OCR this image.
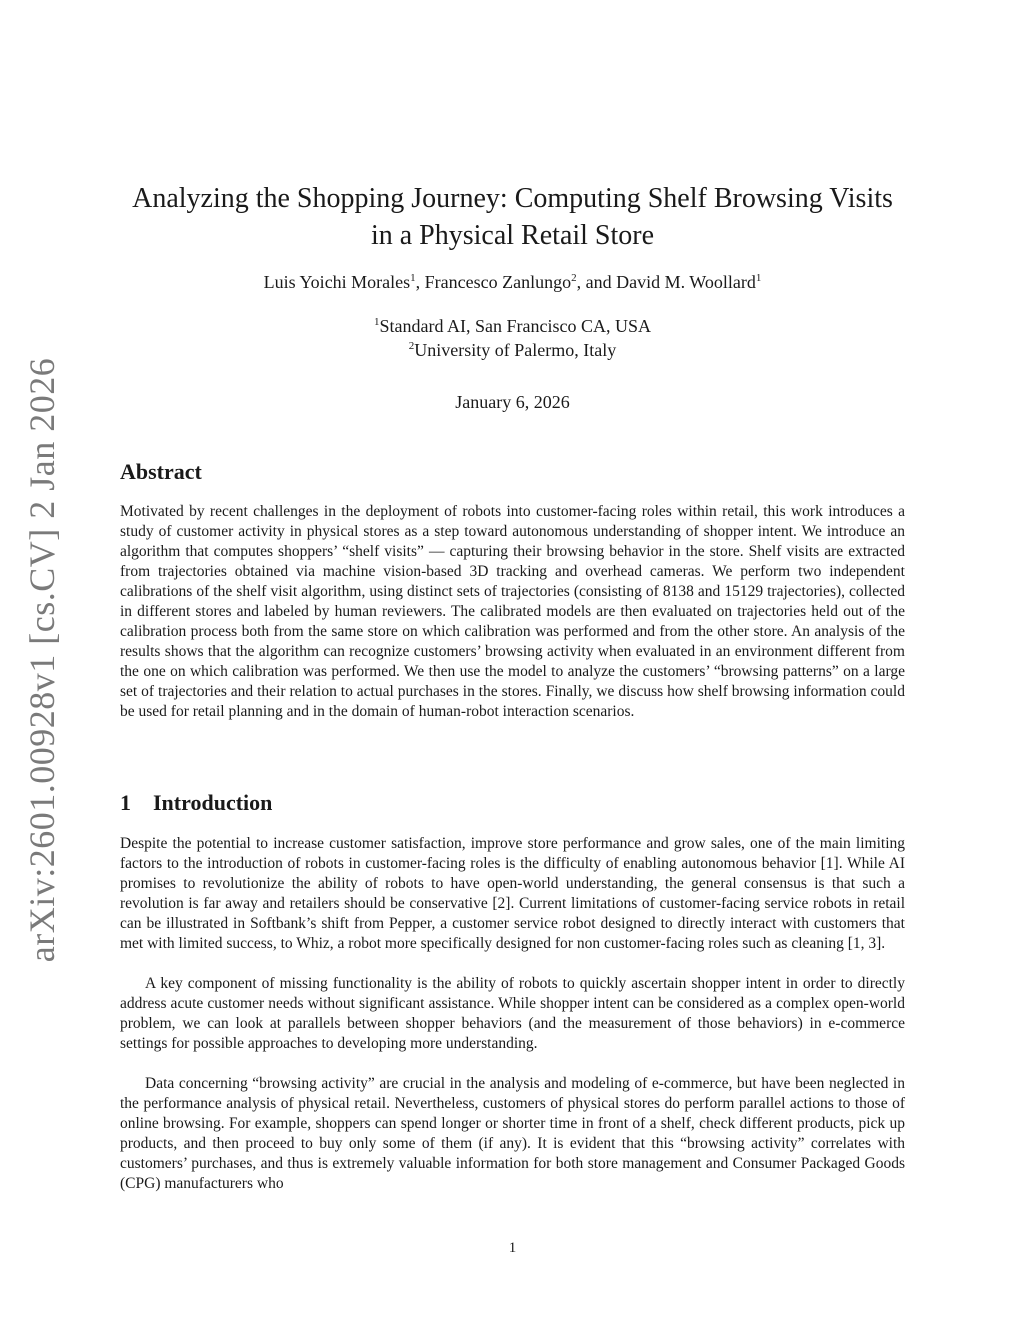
arXiv:2601.00928v1 [cs.CV] 2 Jan 2026
Analyzing the Shopping Journey: Computing Shelf Browsing Visits
in a Physical Retail Store
Luis Yoichi Morales$^1$, Francesco Zanlungo$^2$, and David M. Woollard$^1$
$^1$Standard AI, San Francisco CA, USA
$^2$University of Palermo, Italy
January 6, 2026
Abstract

Motivated by recent challenges in the deployment of robots into customer-facing roles within retail, this work introduces a study of customer activity in physical stores as a step toward autonomous understanding of shopper intent. We introduce an algorithm that computes shoppers’ “shelf visits” — capturing their browsing behavior in the store. Shelf visits are extracted from trajectories obtained via machine vision-based 3D tracking and overhead cameras. We perform two independent calibrations of the shelf visit algorithm, using distinct sets of trajectories (consisting of 8138 and 15129 trajectories), collected in different stores and labeled by human reviewers. The calibrated models are then evaluated on trajectories held out of the calibration process both from the same store on which calibration was performed and from the other store. An analysis of the results shows that the algorithm can recognize customers’ browsing activity when evaluated in an environment different from the one on which calibration was performed. We then use the model to analyze the customers’ “browsing patterns” on a large set of trajectories and their relation to actual purchases in the stores. Finally, we discuss how shelf browsing information could be used for retail planning and in the domain of human-robot interaction scenarios.

1 Introduction

Despite the potential to increase customer satisfaction, improve store performance and grow sales, one of the main limiting factors to the introduction of robots in customer-facing roles is the difficulty of enabling autonomous behavior [1]. While AI promises to revolutionize the ability of robots to have open-world understanding, the general consensus is that such a revolution is far away and retailers should be conservative [2]. Current limitations of customer-facing service robots in retail can be illustrated in Softbank’s shift from Pepper, a customer service robot designed to directly interact with customers that met with limited success, to Whiz, a robot more specifically designed for non customer-facing roles such as cleaning [1, 3].

A key component of missing functionality is the ability of robots to quickly ascertain shopper intent in order to directly address acute customer needs without significant assistance. While shopper intent can be considered as a complex open-world problem, we can look at parallels between shopper behaviors (and the measurement of those behaviors) in e-commerce settings for possible approaches to developing more understanding.

Data concerning “browsing activity” are crucial in the analysis and modeling of e-commerce, but have been neglected in the performance analysis of physical retail. Nevertheless, customers of physical stores do perform parallel actions to those of online browsing. For example, shoppers can spend longer or shorter time in front of a shelf, check different products, pick up products, and then proceed to buy only some of them (if any). It is evident that this “browsing activity” correlates with customers’ purchases, and thus is extremely valuable information for both store management and Consumer Packaged Goods (CPG) manufacturers who

1
